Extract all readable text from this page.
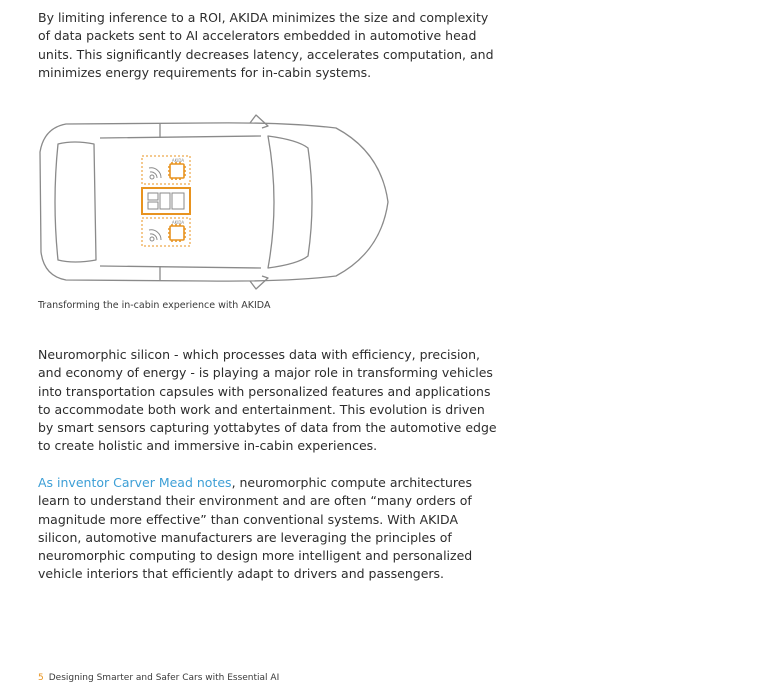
By limiting inference to a ROI, AKIDA minimizes the size and complexity of data packets sent to AI accelerators embedded in automotive head units. This significantly decreases latency, accelerates computation, and minimizes energy requirements for in-cabin systems.

AKIDA
AKIDA

Transforming the in-cabin experience with AKIDA

Neuromorphic silicon - which processes data with efficiency, precision, and economy of energy - is playing a major role in transforming vehicles into transportation capsules with personalized features and applications to accommodate both work and entertainment. This evolution is driven by smart sensors capturing yottabytes of data from the automotive edge to create holistic and immersive in-cabin experiences.

As inventor Carver Mead notes, neuromorphic compute architectures learn to understand their environment and are often “many orders of magnitude more effective” than conventional systems. With AKIDA silicon, automotive manufacturers are leveraging the principles of neuromorphic computing to design more intelligent and personalized vehicle interiors that efficiently adapt to drivers and passengers.

5 Designing Smarter and Safer Cars with Essential AI
